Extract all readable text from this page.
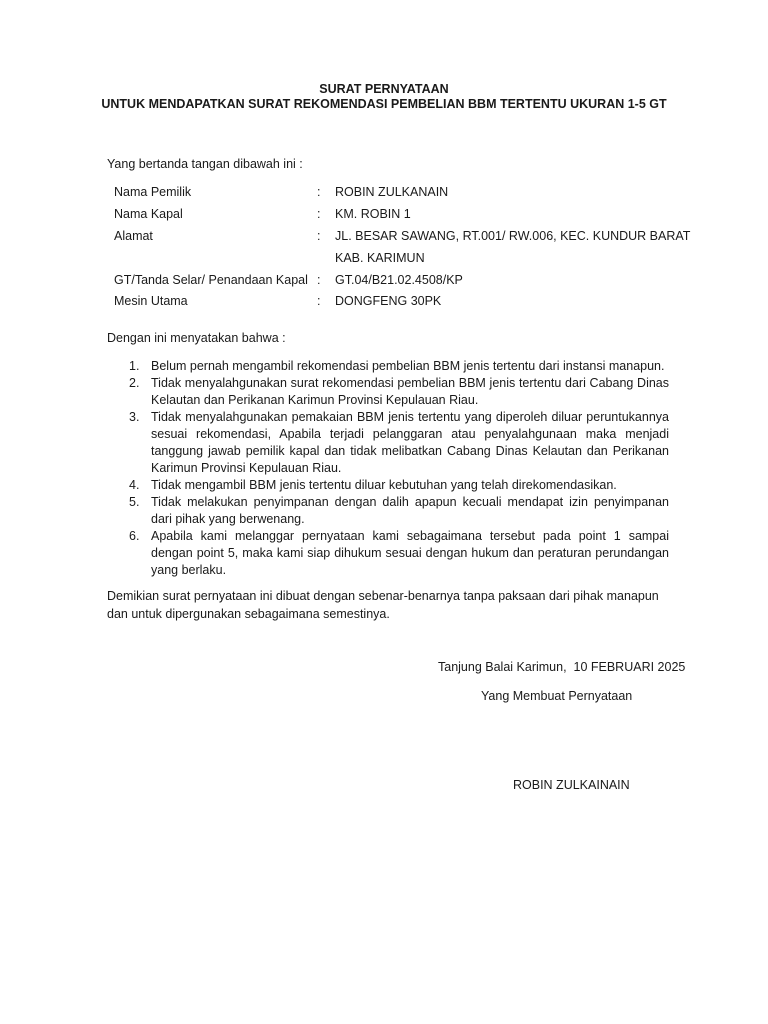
SURAT PERNYATAAN
UNTUK MENDAPATKAN SURAT REKOMENDASI PEMBELIAN BBM TERTENTU UKURAN 1-5 GT
Yang bertanda tangan dibawah ini :
Nama Pemilik	: ROBIN ZULKANAIN
Nama Kapal	: KM. ROBIN 1
Alamat	: JL. BESAR SAWANG, RT.001/ RW.006, KEC. KUNDUR BARAT
KAB. KARIMUN
GT/Tanda Selar/ Penandaan Kapal : GT.04/B21.02.4508/KP
Mesin Utama	: DONGFENG 30PK
Dengan ini menyatakan bahwa :
1. Belum pernah mengambil rekomendasi pembelian BBM jenis tertentu dari instansi manapun.
2. Tidak menyalahgunakan surat rekomendasi pembelian BBM jenis tertentu dari Cabang Dinas Kelautan dan Perikanan Karimun Provinsi Kepulauan Riau.
3. Tidak menyalahgunakan pemakaian BBM jenis tertentu yang diperoleh diluar peruntukannya sesuai rekomendasi, Apabila terjadi pelanggaran atau penyalahgunaan maka menjadi tanggung jawab pemilik kapal dan tidak melibatkan Cabang Dinas Kelautan dan Perikanan Karimun Provinsi Kepulauan Riau.
4. Tidak mengambil BBM jenis tertentu diluar kebutuhan yang telah direkomendasikan.
5. Tidak melakukan penyimpanan dengan dalih apapun kecuali mendapat izin penyimpanan dari pihak yang berwenang.
6. Apabila kami melanggar pernyataan kami sebagaimana tersebut pada point 1 sampai dengan point 5, maka kami siap dihukum sesuai dengan hukum dan peraturan perundangan yang berlaku.
Demikian surat pernyataan ini dibuat dengan sebenar-benarnya tanpa paksaan dari pihak manapun dan untuk dipergunakan sebagaimana semestinya.
Tanjung Balai Karimun,  10 FEBRUARI 2025
Yang Membuat Pernyataan
ROBIN ZULKAINAIN
